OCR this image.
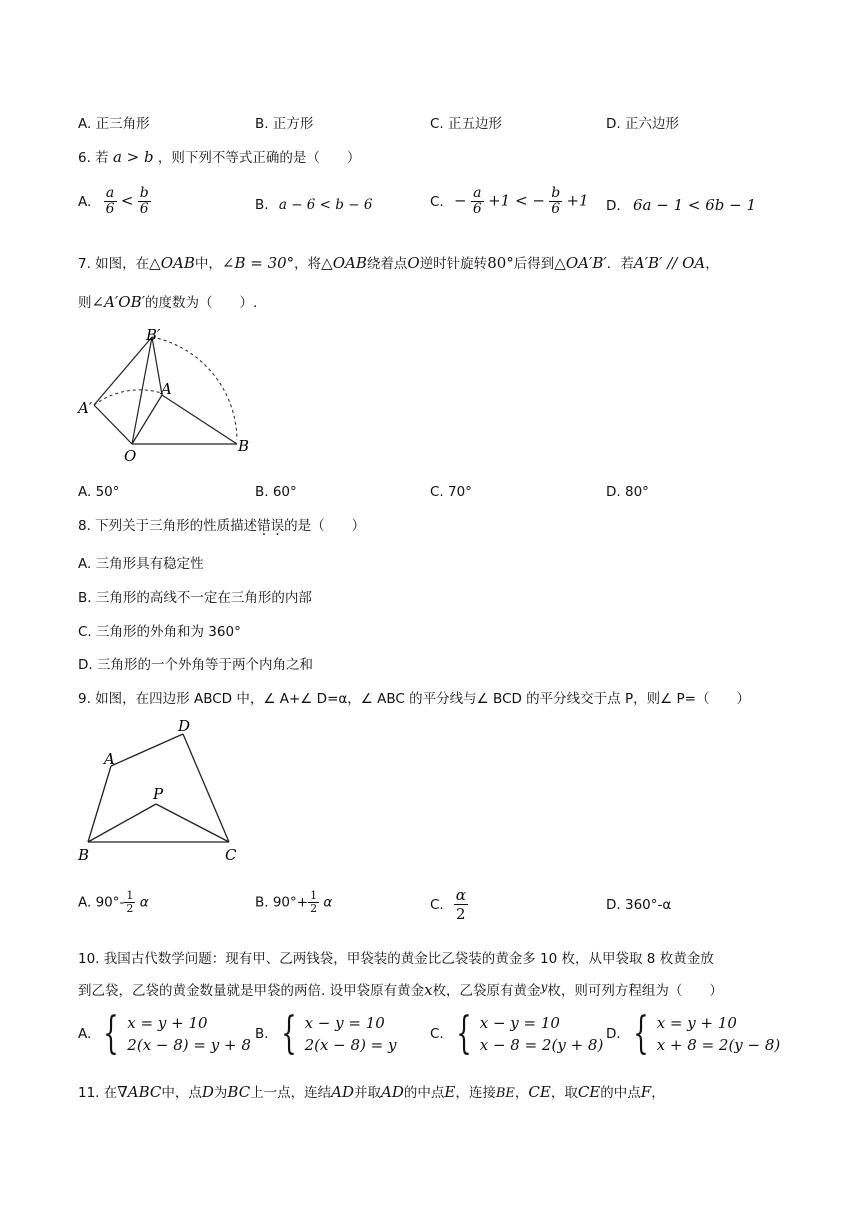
A. 正三角形	B. 正方形	C. 正五边形	D. 正六边形
6. 若 a > b ，则下列不等式正确的是（　　）
A. $\frac{a}{6} < \frac{b}{6}$	B. a − 6 < b − 6	C. − $\frac{a}{6} +1$ < − $\frac{b}{6} +1$ D. 6a − 1 < 6b − 1
7. 如图，在△OAB中，∠B = 30°，将△OAB绕着点O逆时针旋转80°后得到△OA′B′．若A′B′ // OA，
则∠A′OB′的度数为（　　）.
B′
A′
A
O
B
A. 50°	B. 60°	C. 70°	D. 80°
8. 下列关于三角形的性质描述错误的是（　　）
A. 三角形具有稳定性
B. 三角形的高线不一定在三角形的内部
C. 三角形的外角和为 360°
D. 三角形的一个外角等于两个内角之和
9. 如图，在四边形 ABCD 中，∠ A+∠ D=α，∠ ABC 的平分线与∠ BCD 的平分线交于点 P，则∠ P=（　　）
A
D
P
B	C
A. $90^\circ- \frac{1}{2}$ α	B. $90^\circ+ \frac{1}{2}$ α	C. $\frac{\alpha}{2}$	D. 360°-α
10. 我国古代数学问题：现有甲、乙两钱袋，甲袋装的黄金比乙袋装的黄金多 10 枚，从甲袋取 8 枚黄金放
到乙袋，乙袋的黄金数量就是甲袋的两倍. 设甲袋原有黄金x枚，乙袋原有黄金y枚，则可列方程组为（　　）
A. { x = y + 10
2(x − 8) = y + 8
B. { x − y = 10
2(x − 8) = y
C. { x − y = 10
x − 8 = 2(y + 8)
D. { x = y + 10
x + 8 = 2(y − 8)
11. 在∇ABC中，点D为BC上一点，连结AD并取AD的中点E，连接BE，CE，取CE的中点F，
